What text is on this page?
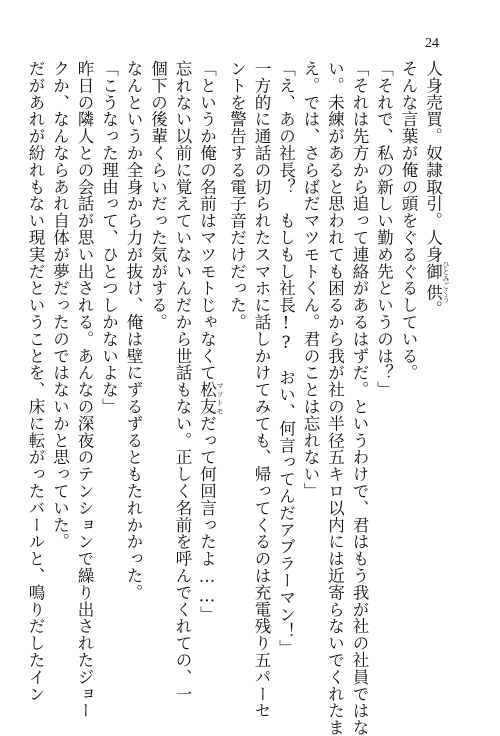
24
人身売買。奴隷取引。人身御供 ひとみごくう。
そんな言葉が俺の頭をぐるぐるしている。
「それで、私の新しい勤め先というのは？」
「それは先方から追って連絡があるはずだ。というわけで、君はもう我が社の社員ではな
い。未練があると思われても困るから我が社の半径五キロ以内には近寄らないでくれたま
え。では、さらばだマツモトくん。君のことは忘れない」
「え、あの社長？　もしもし社長!?　おい、何言ってんだアブラーマン！」
一方的に通話の切られたスマホに話しかけてみても、帰ってくるのは充電残り五パーセ
ントを警告する電子音だけだった。
「というか俺の名前はマツモトじゃなくて松友 マツトモだって何回言ったよ……」
忘れない以前に覚えていないんだから世話もない。正しく名前を呼んでくれての、一
個下の後輩くらいだった気がする。
なんというか全身から力が抜け、俺は壁にずるずるともたれかかった。
「こうなった理由って、ひとつしかないよな」
昨日の隣人との会話が思い出される。あんなの深夜のテンションで繰り出されたジョー
クか、なんならあれ自体が夢だったのではないかと思っていた。
だがあれが紛れもない現実だということを、床に転がったバールと、鳴りだしたイン
